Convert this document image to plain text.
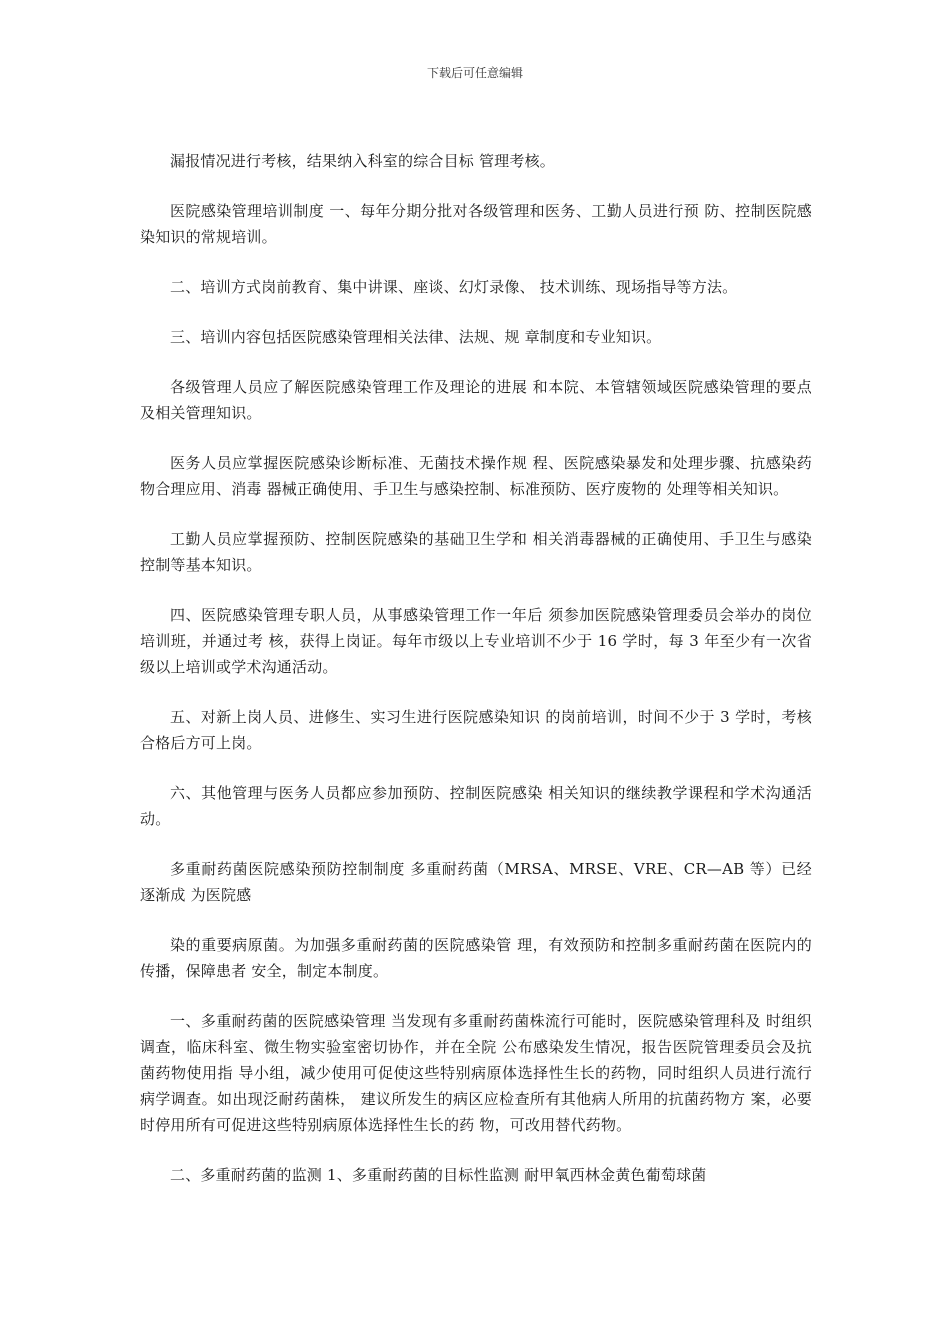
下载后可任意编辑

漏报情况进行考核，结果纳入科室的综合目标 管理考核。

医院感染管理培训制度 一、每年分期分批对各级管理和医务、工勤人员进行预 防、控制医院感染知识的常规培训。

二、培训方式岗前教育、集中讲课、座谈、幻灯录像、 技术训练、现场指导等方法。

三、培训内容包括医院感染管理相关法律、法规、规 章制度和专业知识。

各级管理人员应了解医院感染管理工作及理论的进展 和本院、本管辖领域医院感染管理的要点及相关管理知识。

医务人员应掌握医院感染诊断标准、无菌技术操作规 程、医院感染暴发和处理步骤、抗感染药物合理应用、消毒 器械正确使用、手卫生与感染控制、标准预防、医疗废物的 处理等相关知识。

工勤人员应掌握预防、控制医院感染的基础卫生学和 相关消毒器械的正确使用、手卫生与感染控制等基本知识。

四、医院感染管理专职人员，从事感染管理工作一年后 须参加医院感染管理委员会举办的岗位培训班，并通过考 核，获得上岗证。每年市级以上专业培训不少于 16 学时，每 3 年至少有一次省级以上培训或学术沟通活动。

五、对新上岗人员、进修生、实习生进行医院感染知识 的岗前培训，时间不少于 3 学时，考核合格后方可上岗。

六、其他管理与医务人员都应参加预防、控制医院感染 相关知识的继续教学课程和学术沟通活动。

多重耐药菌医院感染预防控制制度 多重耐药菌（MRSA、MRSE、VRE、CR—AB 等）已经逐渐成 为医院感

染的重要病原菌。为加强多重耐药菌的医院感染管 理，有效预防和控制多重耐药菌在医院内的传播，保障患者 安全，制定本制度。

一、多重耐药菌的医院感染管理 当发现有多重耐药菌株流行可能时，医院感染管理科及 时组织调查，临床科室、微生物实验室密切协作，并在全院 公布感染发生情况，报告医院管理委员会及抗菌药物使用指 导小组，减少使用可促使这些特别病原体选择性生长的药物，同时组织人员进行流行病学调查。如出现泛耐药菌株， 建议所发生的病区应检查所有其他病人所用的抗菌药物方 案，必要时停用所有可促进这些特别病原体选择性生长的药 物，可改用替代药物。

二、多重耐药菌的监测 1、多重耐药菌的目标性监测 耐甲氧西林金黄色葡萄球菌
